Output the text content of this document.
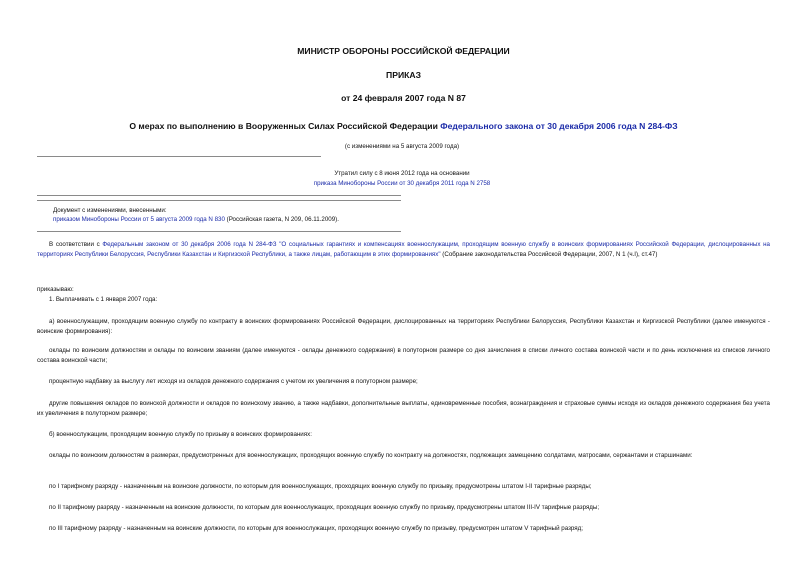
МИНИСТР ОБОРОНЫ РОССИЙСКОЙ ФЕДЕРАЦИИ
ПРИКАЗ
от 24 февраля 2007 года N 87
О мерах по выполнению в Вооруженных Силах Российской Федерации Федерального закона от 30 декабря 2006 года N 284-ФЗ
(с изменениями на 5 августа 2009 года)
Утратил силу с 8 июня 2012 года на основании
приказа Минобороны России от 30 декабря 2011 года N 2758
Документ с изменениями, внесенными:
приказом Минобороны России от 5 августа 2009 года N 830 (Российская газета, N 209, 06.11.2009).
В соответствии с Федеральным законом от 30 декабря 2006 года N 284-ФЗ "О социальных гарантиях и компенсациях военнослужащим, проходящим военную службу в воинских формированиях Российской Федерации, дислоцированных на территориях Республики Белоруссия, Республики Казахстан и Киргизской Республики, а также лицам, работающим в этих формированиях" (Собрание законодательства Российской Федерации, 2007, N 1 (ч.I), ст.47)
приказываю:
1. Выплачивать с 1 января 2007 года:
а) военнослужащим, проходящим военную службу по контракту в воинских формированиях Российской Федерации, дислоцированных на территориях Республики Белоруссия, Республики Казахстан и Киргизской Республики (далее именуются - воинские формирования):
оклады по воинским должностям и оклады по воинским званиям (далее именуются - оклады денежного содержания) в полуторном размере со дня зачисления в списки личного состава воинской части и по день исключения из списков личного состава воинской части;
процентную надбавку за выслугу лет исходя из окладов денежного содержания с учетом их увеличения в полуторном размере;
другие повышения окладов по воинской должности и окладов по воинскому званию, а также надбавки, дополнительные выплаты, единовременные пособия, вознаграждения и страховые суммы исходя из окладов денежного содержания без учета их увеличения в полуторном размере;
б) военнослужащим, проходящим военную службу по призыву в воинских формированиях:
оклады по воинским должностям в размерах, предусмотренных для военнослужащих, проходящих военную службу по контракту на должностях, подлежащих замещению солдатами, матросами, сержантами и старшинами:
по I тарифному разряду - назначенным на воинские должности, по которым для военнослужащих, проходящих военную службу по призыву, предусмотрены штатом I-II тарифные разряды;
по II тарифному разряду - назначенным на воинские должности, по которым для военнослужащих, проходящих военную службу по призыву, предусмотрены штатом III-IV тарифные разряды;
по III тарифному разряду - назначенным на воинские должности, по которым для военнослужащих, проходящих военную службу по призыву, предусмотрен штатом V тарифный разряд;
